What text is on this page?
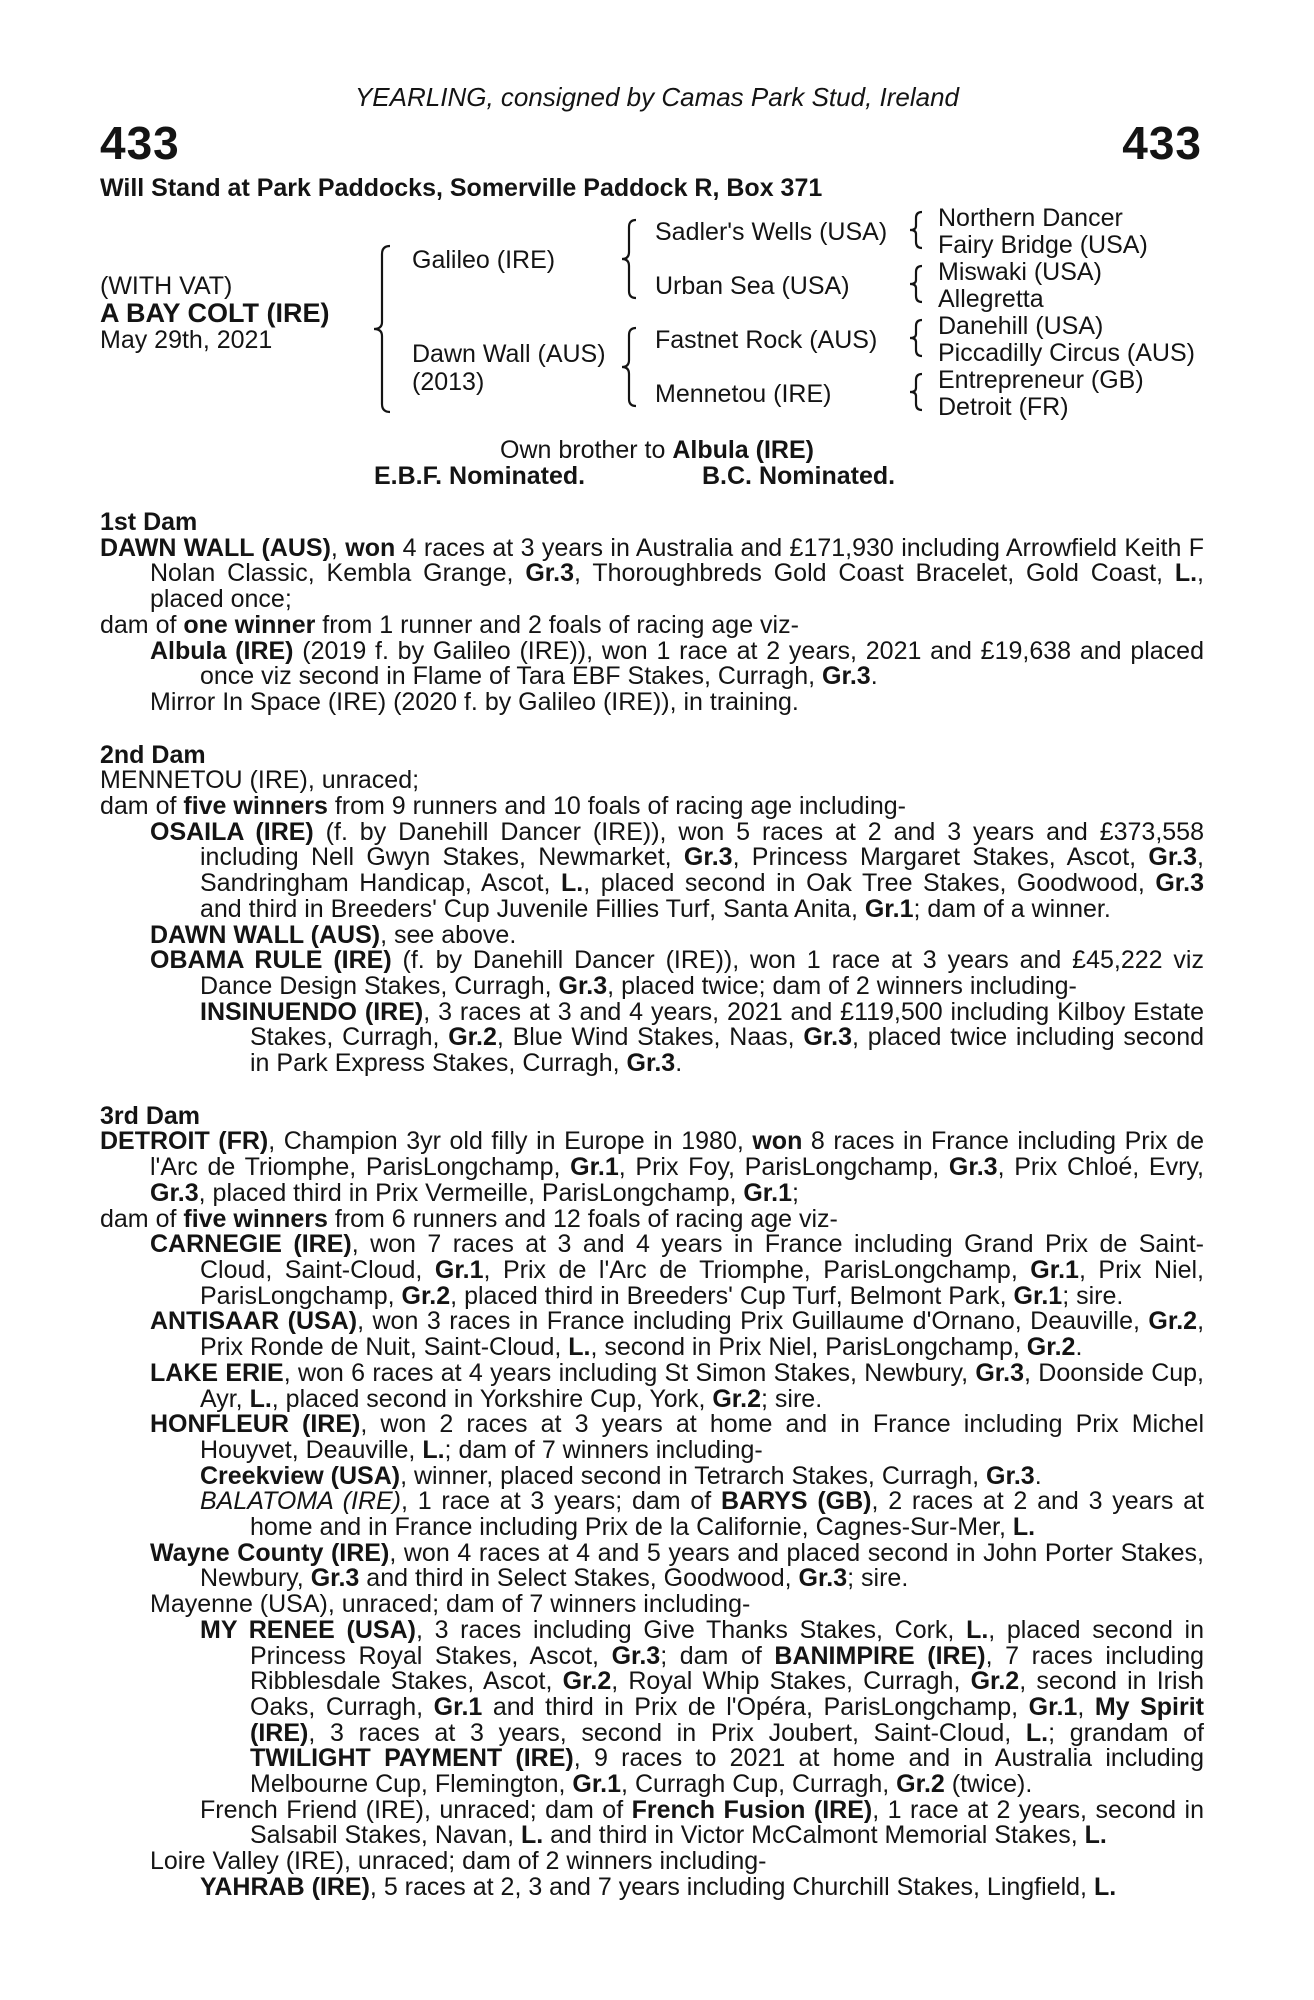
YEARLING, consigned by Camas Park Stud, Ireland
433	433
Will Stand at Park Paddocks, Somerville Paddock R, Box 371
(WITH VAT)
A BAY COLT (IRE)
May 29th, 2021
Galileo (IRE)
Dawn Wall (AUS)
(2013)
Sadler's Wells (USA)
Urban Sea (USA)
Fastnet Rock (AUS)
Mennetou (IRE)
Northern Dancer
Fairy Bridge (USA)
Miswaki (USA)
Allegretta
Danehill (USA)
Piccadilly Circus (AUS)
Entrepreneur (GB)
Detroit (FR)
Own brother to Albula (IRE)
E.B.F. Nominated.	B.C. Nominated.

1st Dam

DAWN WALL (AUS), won 4 races at 3 years in Australia and £171,930 including Arrowfield Keith F Nolan Classic, Kembla Grange, Gr.3, Thoroughbreds Gold Coast Bracelet, Gold Coast, L., placed once;

dam of one winner from 1 runner and 2 foals of racing age viz-

Albula (IRE) (2019 f. by Galileo (IRE)), won 1 race at 2 years, 2021 and £19,638 and placed once viz second in Flame of Tara EBF Stakes, Curragh, Gr.3.

Mirror In Space (IRE) (2020 f. by Galileo (IRE)), in training.

2nd Dam

MENNETOU (IRE), unraced;

dam of five winners from 9 runners and 10 foals of racing age including-

OSAILA (IRE) (f. by Danehill Dancer (IRE)), won 5 races at 2 and 3 years and £373,558 including Nell Gwyn Stakes, Newmarket, Gr.3, Princess Margaret Stakes, Ascot, Gr.3, Sandringham Handicap, Ascot, L., placed second in Oak Tree Stakes, Goodwood, Gr.3 and third in Breeders' Cup Juvenile Fillies Turf, Santa Anita, Gr.1; dam of a winner.

DAWN WALL (AUS), see above.

OBAMA RULE (IRE) (f. by Danehill Dancer (IRE)), won 1 race at 3 years and £45,222 viz Dance Design Stakes, Curragh, Gr.3, placed twice; dam of 2 winners including-

INSINUENDO (IRE), 3 races at 3 and 4 years, 2021 and £119,500 including Kilboy Estate Stakes, Curragh, Gr.2, Blue Wind Stakes, Naas, Gr.3, placed twice including second in Park Express Stakes, Curragh, Gr.3.

3rd Dam

DETROIT (FR), Champion 3yr old filly in Europe in 1980, won 8 races in France including Prix de l'Arc de Triomphe, ParisLongchamp, Gr.1, Prix Foy, ParisLongchamp, Gr.3, Prix Chloé, Evry, Gr.3, placed third in Prix Vermeille, ParisLongchamp, Gr.1;

dam of five winners from 6 runners and 12 foals of racing age viz-

CARNEGIE (IRE), won 7 races at 3 and 4 years in France including Grand Prix de Saint-Cloud, Saint-Cloud, Gr.1, Prix de l'Arc de Triomphe, ParisLongchamp, Gr.1, Prix Niel, ParisLongchamp, Gr.2, placed third in Breeders' Cup Turf, Belmont Park, Gr.1; sire.

ANTISAAR (USA), won 3 races in France including Prix Guillaume d'Ornano, Deauville, Gr.2, Prix Ronde de Nuit, Saint-Cloud, L., second in Prix Niel, ParisLongchamp, Gr.2.

LAKE ERIE, won 6 races at 4 years including St Simon Stakes, Newbury, Gr.3, Doonside Cup, Ayr, L., placed second in Yorkshire Cup, York, Gr.2; sire.

HONFLEUR (IRE), won 2 races at 3 years at home and in France including Prix Michel Houyvet, Deauville, L.; dam of 7 winners including-

Creekview (USA), winner, placed second in Tetrarch Stakes, Curragh, Gr.3.

BALATOMA (IRE), 1 race at 3 years; dam of BARYS (GB), 2 races at 2 and 3 years at home and in France including Prix de la Californie, Cagnes-Sur-Mer, L.

Wayne County (IRE), won 4 races at 4 and 5 years and placed second in John Porter Stakes, Newbury, Gr.3 and third in Select Stakes, Goodwood, Gr.3; sire.

Mayenne (USA), unraced; dam of 7 winners including-

MY RENEE (USA), 3 races including Give Thanks Stakes, Cork, L., placed second in Princess Royal Stakes, Ascot, Gr.3; dam of BANIMPIRE (IRE), 7 races including Ribblesdale Stakes, Ascot, Gr.2, Royal Whip Stakes, Curragh, Gr.2, second in Irish Oaks, Curragh, Gr.1 and third in Prix de l'Opéra, ParisLongchamp, Gr.1, My Spirit (IRE), 3 races at 3 years, second in Prix Joubert, Saint-Cloud, L.; grandam of TWILIGHT PAYMENT (IRE), 9 races to 2021 at home and in Australia including Melbourne Cup, Flemington, Gr.1, Curragh Cup, Curragh, Gr.2 (twice).

French Friend (IRE), unraced; dam of French Fusion (IRE), 1 race at 2 years, second in Salsabil Stakes, Navan, L. and third in Victor McCalmont Memorial Stakes, L.

Loire Valley (IRE), unraced; dam of 2 winners including-

YAHRAB (IRE), 5 races at 2, 3 and 7 years including Churchill Stakes, Lingfield, L.
